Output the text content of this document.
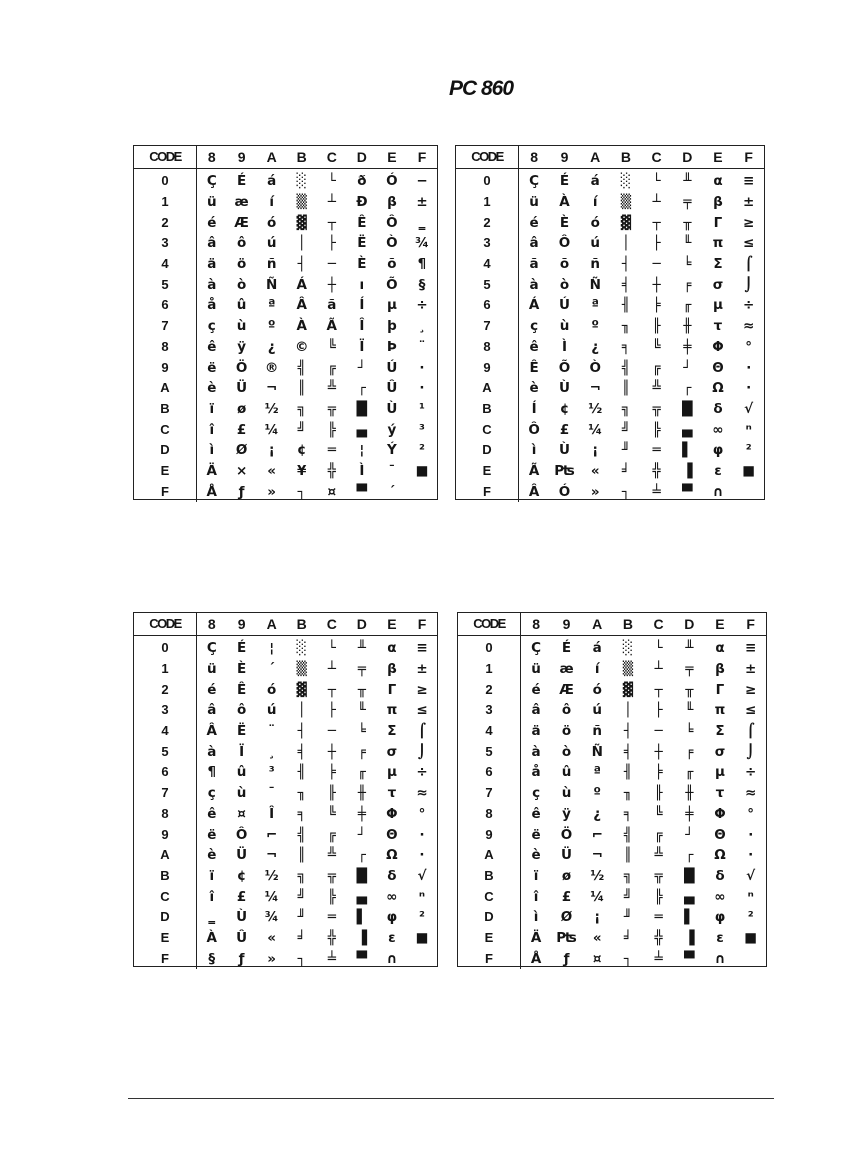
PC 860
CODE	8	9	A	B	C	D	E	F
0	Ç	É	á	░	└	ð	Ó	−
1	ü	æ	í	▒	┴	Ð	β	±
2	é	Æ	ó	▓	┬	Ê	Ô	‗
3	â	ô	ú	│	├	Ë	Ò	¾
4	ä	ö	ñ	┤	─	È	õ	¶
5	à	ò	Ñ	Á	┼	ı	Õ	§
6	å	û	ª	Â	ã	Í	µ	÷
7	ç	ù	º	À	Ã	Î	þ	¸
8	ê	ÿ	¿	©	╚	Ï	Þ	¨
9	ë	Ö	®	╣	╔	┘	Ú	·
A	è	Ü	¬	║	╩	┌	Û	·
B	ï	ø	½	╗	╦	█	Ù	¹
C	î	£	¼	╝	╠	▄	ý	³
D	ì	Ø	¡	¢	═	¦	Ý	²
E	Ä	×	«	¥	╬	Ì	¯	■
F	Å	ƒ	»	┐	¤	▀	´	
CODE	8	9	A	B	C	D	E	F
0	Ç	É	á	░	└	╨	α	≡
1	ü	À	í	▒	┴	╤	β	±
2	é	È	ó	▓	┬	╥	Γ	≥
3	â	Ô	ú	│	├	╙	π	≤
4	ã	õ	ñ	┤	─	╘	Σ	⌠
5	à	ò	Ñ	╡	┼	╒	σ	⌡
6	Á	Ú	ª	╢	╞	╓	µ	÷
7	ç	ù	º	╖	╟	╫	τ	≈
8	ê	Ì	¿	╕	╚	╪	Φ	°
9	Ê	Õ	Ò	╣	╔	┘	Θ	∙
A	è	Ù	¬	║	╩	┌	Ω	·
B	Í	¢	½	╗	╦	█	δ	√
C	Ô	£	¼	╝	╠	▄	∞	ⁿ
D	ì	Ù	¡	╜	═	▌	φ	²
E	Ã	₧	«	╛	╬	▐	ε	■
F	Â	Ó	»	┐	╧	▀	∩	
CODE	8	9	A	B	C	D	E	F
0	Ç	É	¦	░	└	╨	α	≡
1	ü	È	´	▒	┴	╤	β	±
2	é	Ê	ó	▓	┬	╥	Γ	≥
3	â	ô	ú	│	├	╙	π	≤
4	Â	Ë	¨	┤	─	╘	Σ	⌠
5	à	Ï	¸	╡	┼	╒	σ	⌡
6	¶	û	³	╢	╞	╓	µ	÷
7	ç	ù	¯	╖	╟	╫	τ	≈
8	ê	¤	Î	╕	╚	╪	Φ	°
9	ë	Ô	⌐	╣	╔	┘	Θ	∙
A	è	Ü	¬	║	╩	┌	Ω	·
B	ï	¢	½	╗	╦	█	δ	√
C	î	£	¼	╝	╠	▄	∞	ⁿ
D	‗	Ù	¾	╜	═	▌	φ	²
E	À	Û	«	╛	╬	▐	ε	■
F	§	ƒ	»	┐	╧	▀	∩	
CODE	8	9	A	B	C	D	E	F
0	Ç	É	á	░	└	╨	α	≡
1	ü	æ	í	▒	┴	╤	β	±
2	é	Æ	ó	▓	┬	╥	Γ	≥
3	â	ô	ú	│	├	╙	π	≤
4	ä	ö	ñ	┤	─	╘	Σ	⌠
5	à	ò	Ñ	╡	┼	╒	σ	⌡
6	å	û	ª	╢	╞	╓	µ	÷
7	ç	ù	º	╖	╟	╫	τ	≈
8	ê	ÿ	¿	╕	╚	╪	Φ	°
9	ë	Ö	⌐	╣	╔	┘	Θ	∙
A	è	Ü	¬	║	╩	┌	Ω	·
B	ï	ø	½	╗	╦	█	δ	√
C	î	£	¼	╝	╠	▄	∞	ⁿ
D	ì	Ø	¡	╜	═	▌	φ	²
E	Ä	₧	«	╛	╬	▐	ε	■
F	Å	ƒ	¤	┐	╧	▀	∩	
